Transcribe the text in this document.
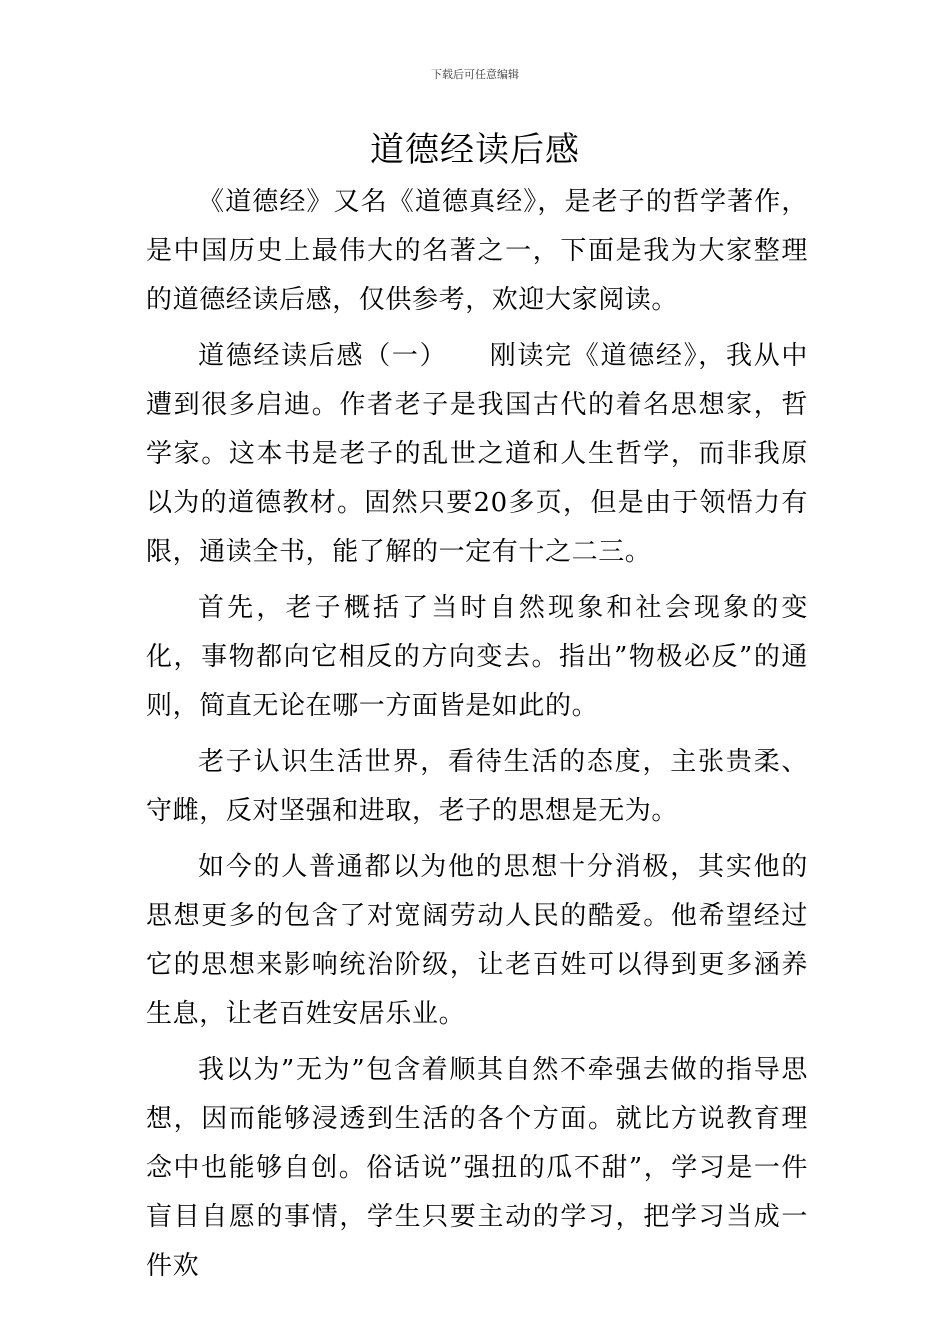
下载后可任意编辑
道德经读后感

《道德经》又名《道德真经》，是老子的哲学著作，是中国历史上最伟大的名著之一，下面是我为大家整理的道德经读后感，仅供参考，欢迎大家阅读。

道德经读后感（一）　　刚读完《道德经》，我从中遭到很多启迪。作者老子是我国古代的着名思想家，哲学家。这本书是老子的乱世之道和人生哲学，而非我原以为的道德教材。固然只要20多页，但是由于领悟力有限，通读全书，能了解的一定有十之二三。

首先，老子概括了当时自然现象和社会现象的变化，事物都向它相反的方向变去。指出”物极必反”的通则，简直无论在哪一方面皆是如此的。

老子认识生活世界，看待生活的态度，主张贵柔、守雌，反对坚强和进取，老子的思想是无为。

如今的人普通都以为他的思想十分消极，其实他的思想更多的包含了对宽阔劳动人民的酷爱。他希望经过它的思想来影响统治阶级，让老百姓可以得到更多涵养生息，让老百姓安居乐业。

我以为”无为”包含着顺其自然不牵强去做的指导思想，因而能够浸透到生活的各个方面。就比方说教育理念中也能够自创。俗话说”强扭的瓜不甜”，学习是一件盲目自愿的事情，学生只要主动的学习，把学习当成一件欢
